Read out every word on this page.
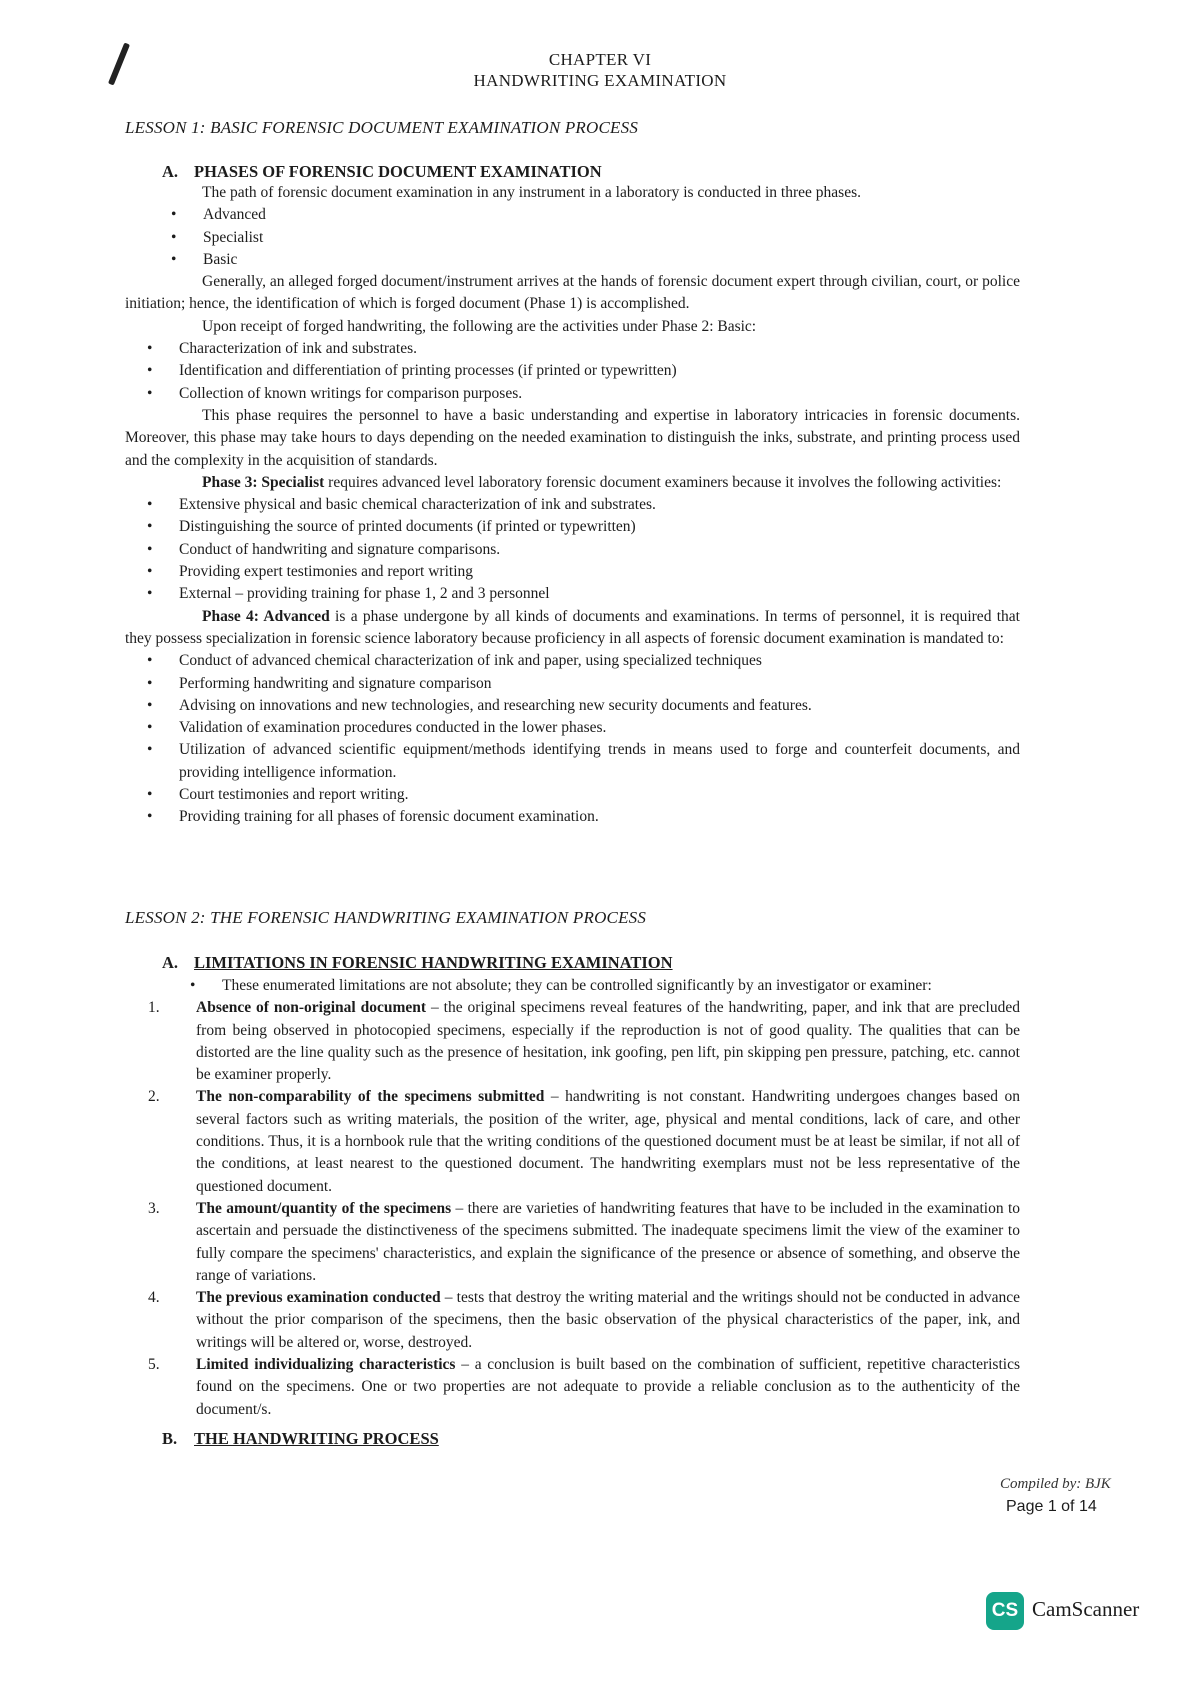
CHAPTER VI
HANDWRITING EXAMINATION
LESSON 1: BASIC FORENSIC DOCUMENT EXAMINATION PROCESS
A. PHASES OF FORENSIC DOCUMENT EXAMINATION

The path of forensic document examination in any instrument in a laboratory is conducted in three phases.

• Advanced
• Specialist
• Basic

Generally, an alleged forged document/instrument arrives at the hands of forensic document expert through civilian, court, or police initiation; hence, the identification of which is forged document (Phase 1) is accomplished.

Upon receipt of forged handwriting, the following are the activities under Phase 2: Basic:

• Characterization of ink and substrates.
• Identification and differentiation of printing processes (if printed or typewritten)
• Collection of known writings for comparison purposes.

This phase requires the personnel to have a basic understanding and expertise in laboratory intricacies in forensic documents. Moreover, this phase may take hours to days depending on the needed examination to distinguish the inks, substrate, and printing process used and the complexity in the acquisition of standards.

Phase 3: Specialist requires advanced level laboratory forensic document examiners because it involves the following activities:

• Extensive physical and basic chemical characterization of ink and substrates.
• Distinguishing the source of printed documents (if printed or typewritten)
• Conduct of handwriting and signature comparisons.
• Providing expert testimonies and report writing
• External – providing training for phase 1, 2 and 3 personnel

Phase 4: Advanced is a phase undergone by all kinds of documents and examinations. In terms of personnel, it is required that they possess specialization in forensic science laboratory because proficiency in all aspects of forensic document examination is mandated to:

• Conduct of advanced chemical characterization of ink and paper, using specialized techniques
• Performing handwriting and signature comparison
• Advising on innovations and new technologies, and researching new security documents and features.
• Validation of examination procedures conducted in the lower phases.
• Utilization of advanced scientific equipment/methods identifying trends in means used to forge and counterfeit documents, and providing intelligence information.
• Court testimonies and report writing.
• Providing training for all phases of forensic document examination.
LESSON 2: THE FORENSIC HANDWRITING EXAMINATION PROCESS
A. LIMITATIONS IN FORENSIC HANDWRITING EXAMINATION
• These enumerated limitations are not absolute; they can be controlled significantly by an investigator or examiner:
1. Absence of non-original document – the original specimens reveal features of the handwriting, paper, and ink that are precluded from being observed in photocopied specimens, especially if the reproduction is not of good quality. The qualities that can be distorted are the line quality such as the presence of hesitation, ink goofing, pen lift, pin skipping pen pressure, patching, etc. cannot be examiner properly.
2. The non-comparability of the specimens submitted – handwriting is not constant. Handwriting undergoes changes based on several factors such as writing materials, the position of the writer, age, physical and mental conditions, lack of care, and other conditions. Thus, it is a hornbook rule that the writing conditions of the questioned document must be at least be similar, if not all of the conditions, at least nearest to the questioned document. The handwriting exemplars must not be less representative of the questioned document.
3. The amount/quantity of the specimens – there are varieties of handwriting features that have to be included in the examination to ascertain and persuade the distinctiveness of the specimens submitted. The inadequate specimens limit the view of the examiner to fully compare the specimens' characteristics, and explain the significance of the presence or absence of something, and observe the range of variations.
4. The previous examination conducted – tests that destroy the writing material and the writings should not be conducted in advance without the prior comparison of the specimens, then the basic observation of the physical characteristics of the paper, ink, and writings will be altered or, worse, destroyed.
5. Limited individualizing characteristics – a conclusion is built based on the combination of sufficient, repetitive characteristics found on the specimens. One or two properties are not adequate to provide a reliable conclusion as to the authenticity of the document/s.
B. THE HANDWRITING PROCESS
Compiled by: BJK
Page 1 of 14
CS CamScanner
